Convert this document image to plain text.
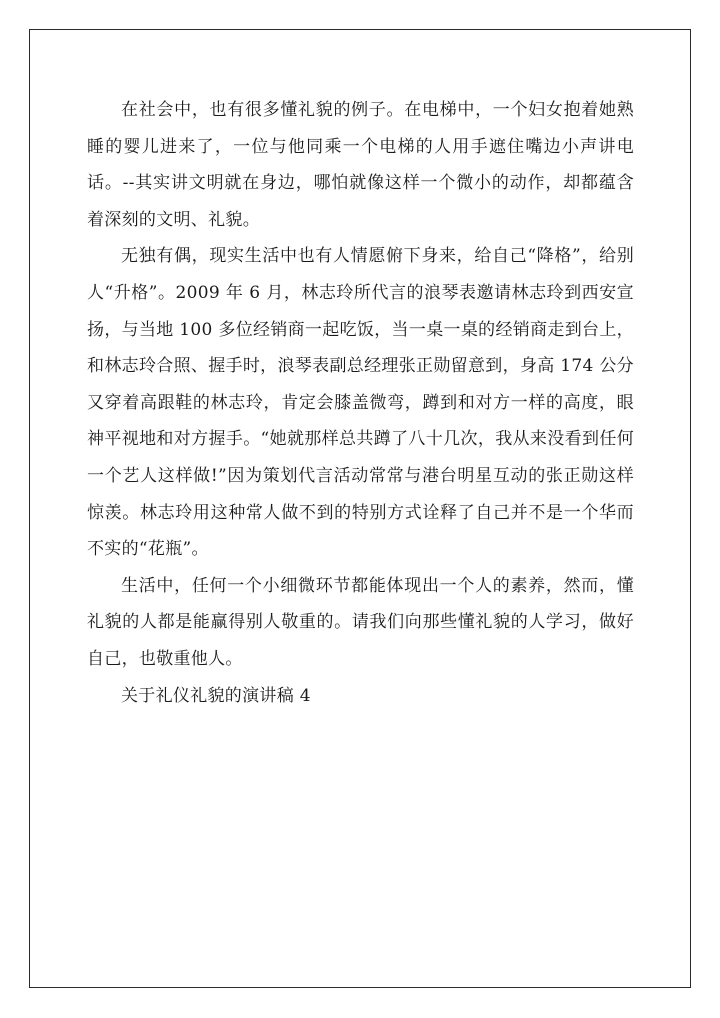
在社会中，也有很多懂礼貌的例子。在电梯中，一个妇女抱着她熟睡的婴儿进来了，一位与他同乘一个电梯的人用手遮住嘴边小声讲电话。--其实讲文明就在身边，哪怕就像这样一个微小的动作，却都蕴含着深刻的文明、礼貌。

无独有偶，现实生活中也有人情愿俯下身来，给自己“降格”，给别人“升格”。2009 年 6 月，林志玲所代言的浪琴表邀请林志玲到西安宣扬，与当地 100 多位经销商一起吃饭，当一桌一桌的经销商走到台上，和林志玲合照、握手时，浪琴表副总经理张正勋留意到，身高 174 公分又穿着高跟鞋的林志玲，肯定会膝盖微弯，蹲到和对方一样的高度，眼神平视地和对方握手。“她就那样总共蹲了八十几次，我从来没看到任何一个艺人这样做!”因为策划代言活动常常与港台明星互动的张正勋这样惊羡。林志玲用这种常人做不到的特别方式诠释了自己并不是一个华而不实的“花瓶”。

生活中，任何一个小细微环节都能体现出一个人的素养，然而，懂礼貌的人都是能赢得别人敬重的。请我们向那些懂礼貌的人学习，做好自己，也敬重他人。

关于礼仪礼貌的演讲稿 4
